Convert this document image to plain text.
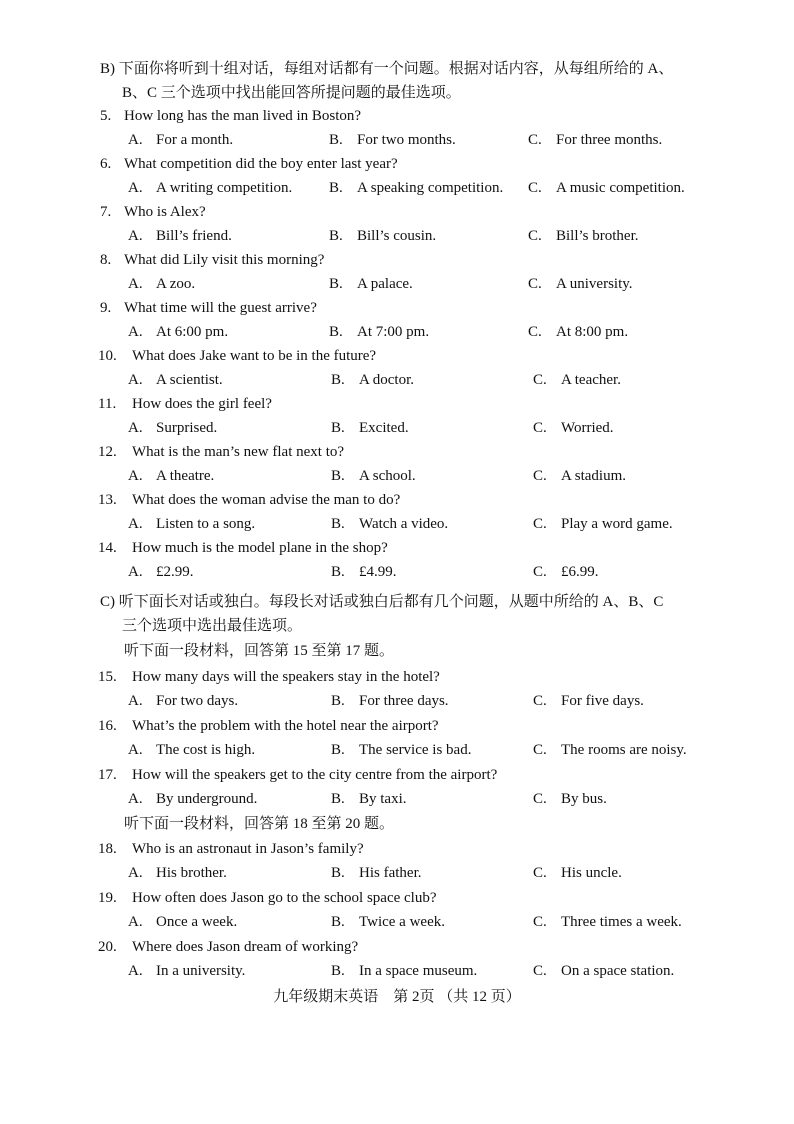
B) 下面你将听到十组对话，每组对话都有一个问题。根据对话内容，从每组所给的 A、
B、C 三个选项中找出能回答所提问题的最佳选项。
5. How long has the man lived in Boston?
A. For a month.	B. For two months.	C. For three months.
6. What competition did the boy enter last year?
A. A writing competition. B. A speaking competition. C. A music competition.
7. Who is Alex?
A. Bill’s friend.	B. Bill’s cousin.	C. Bill’s brother.
8. What did Lily visit this morning?
A. A zoo.	B. A palace.	C. A university.
9. What time will the guest arrive?
A. At 6:00 pm.	B. At 7:00 pm.	C. At 8:00 pm.
10. What does Jake want to be in the future?
A. A scientist.	B. A doctor.	C. A teacher.
11. How does the girl feel?
A. Surprised.	B. Excited.	C. Worried.
12. What is the man’s new flat next to?
A. A theatre.	B. A school.	C. A stadium.
13. What does the woman advise the man to do?
A. Listen to a song.	B. Watch a video.	C. Play a word game.
14. How much is the model plane in the shop?
A. £2.99.	B. £4.99.	C. £6.99.
C) 听下面长对话或独白。每段长对话或独白后都有几个问题，从题中所给的 A、B、C
三个选项中选出最佳选项。
听下面一段材料，回答第 15 至第 17 题。
15. How many days will the speakers stay in the hotel?
A. For two days.	B. For three days.	C. For five days.
16. What’s the problem with the hotel near the airport?
A. The cost is high.	B. The service is bad.	C. The rooms are noisy.
17. How will the speakers get to the city centre from the airport?
A. By underground.	B. By taxi.	C. By bus.
听下面一段材料，回答第 18 至第 20 题。
18. Who is an astronaut in Jason’s family?
A. His brother.	B. His father.	C. His uncle.
19. How often does Jason go to the school space club?
A. Once a week.	B. Twice a week.	C. Three times a week.
20. Where does Jason dream of working?
A. In a university.	B. In a space museum.	C. On a space station.
九年级期末英语　第 2页 （共 12 页）
